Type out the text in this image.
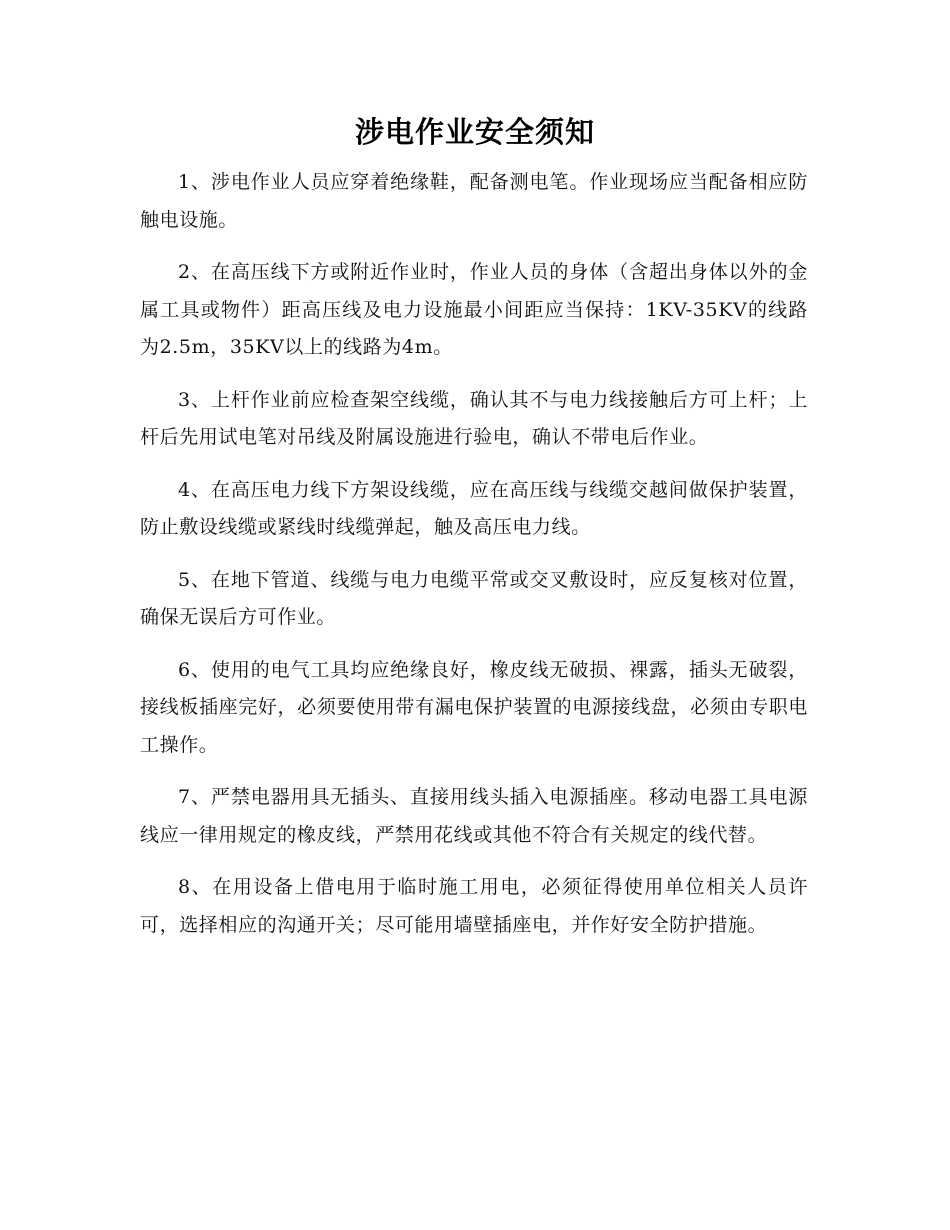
涉电作业安全须知

1、涉电作业人员应穿着绝缘鞋，配备测电笔。作业现场应当配备相应防触电设施。

2、在高压线下方或附近作业时，作业人员的身体（含超出身体以外的金属工具或物件）距高压线及电力设施最小间距应当保持：1KV-35KV的线路为2.5m，35KV以上的线路为4m。

3、上杆作业前应检查架空线缆，确认其不与电力线接触后方可上杆；上杆后先用试电笔对吊线及附属设施进行验电，确认不带电后作业。

4、在高压电力线下方架设线缆，应在高压线与线缆交越间做保护装置，防止敷设线缆或紧线时线缆弹起，触及高压电力线。

5、在地下管道、线缆与电力电缆平常或交叉敷设时，应反复核对位置，确保无误后方可作业。

6、使用的电气工具均应绝缘良好，橡皮线无破损、裸露，插头无破裂，接线板插座完好，必须要使用带有漏电保护装置的电源接线盘，必须由专职电工操作。

7、严禁电器用具无插头、直接用线头插入电源插座。移动电器工具电源线应一律用规定的橡皮线，严禁用花线或其他不符合有关规定的线代替。

8、在用设备上借电用于临时施工用电，必须征得使用单位相关人员许可，选择相应的沟通开关；尽可能用墙壁插座电，并作好安全防护措施。
